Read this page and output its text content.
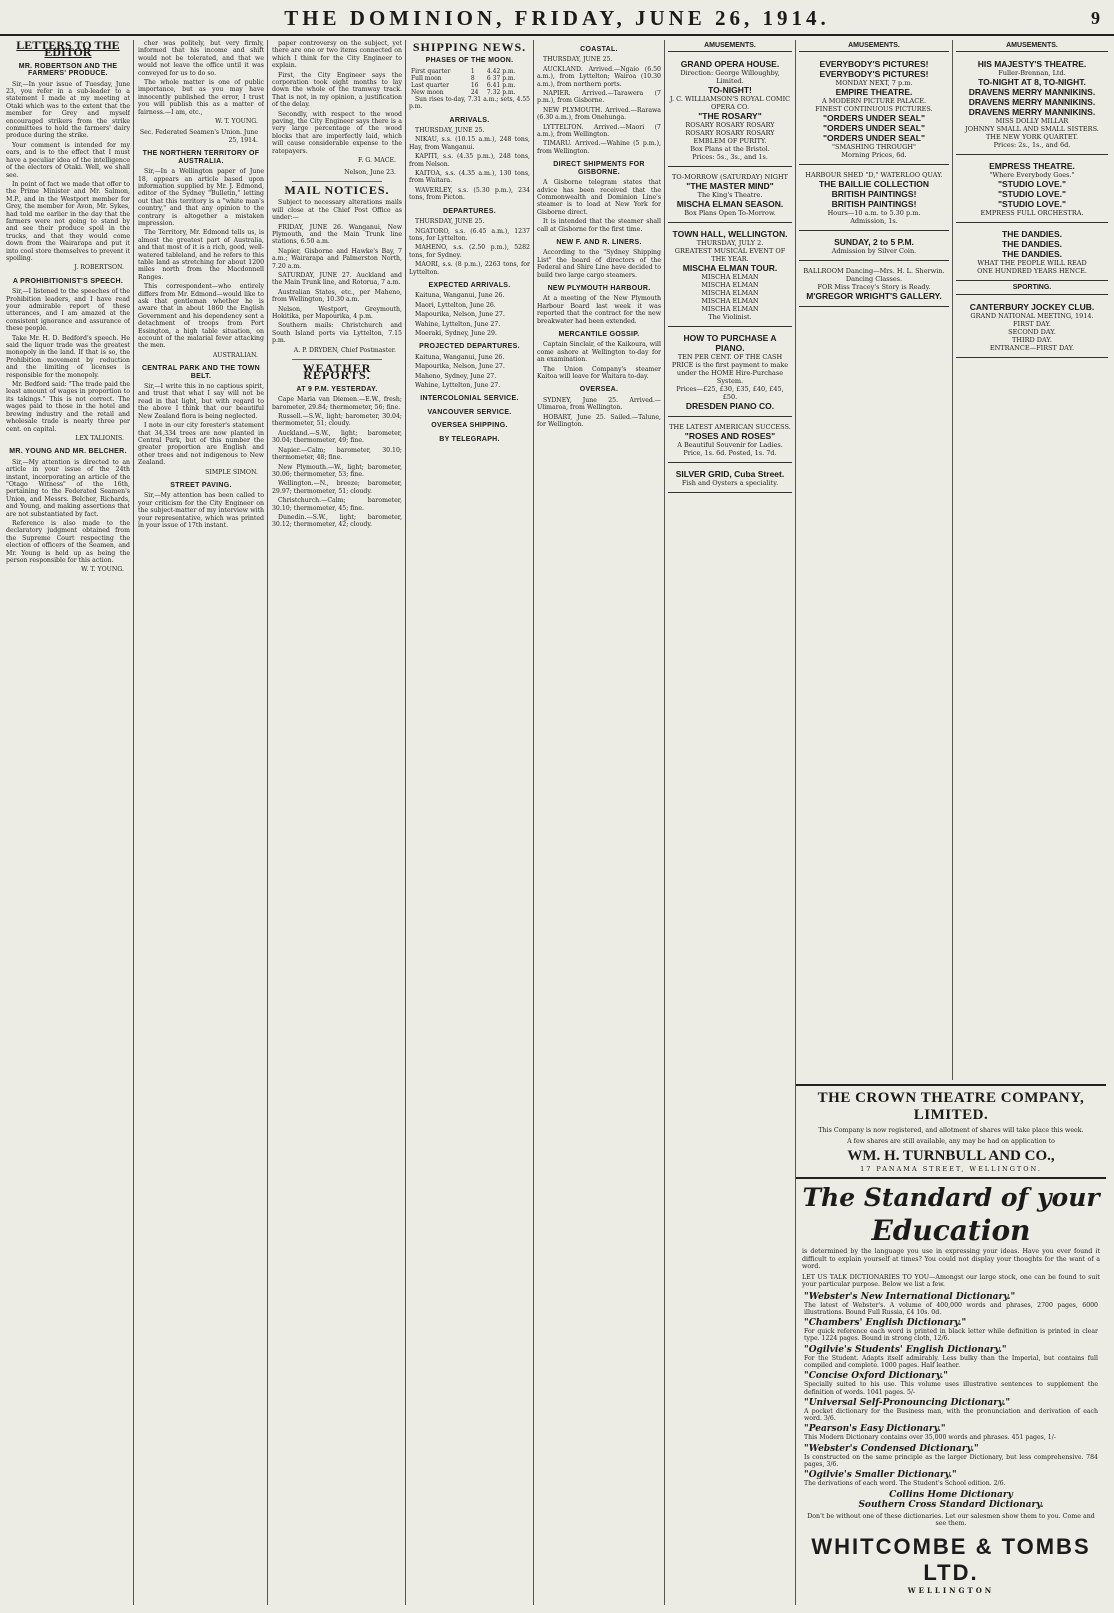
THE DOMINION, FRIDAY, JUNE 26, 1914.	9
LETTERS TO THE EDITOR
MR. ROBERTSON AND THE FARMERS' PRODUCE.

Sir,—In your issue of Tuesday, June 23, you refer in a sub-leader to a statement I made at my meeting at Otaki which was to the extent that the member for Grey and myself encouraged strikers from the strike committees to hold the farmers' dairy produce during the strike.

Your comment is intended for my ears, and is to the effect that I must have a peculiar idea of the intelligence of the electors of Otaki. Well, we shall see.

In point of fact we made that offer to the Prime Minister and Mr. Salmon, M.P., and in the Westport member for Grey, the member for Avon, Mr. Sykes, had told me earlier in the day that the farmers were not going to stand by and see their produce spoil in the trucks, and that they would come down from the Wairarapa and put it into cool store themselves to prevent it spoiling.

J. ROBERTSON.
A PROHIBITIONIST'S SPEECH.

Sir,—I listened to the speeches of the Prohibition leaders, and I have read your admirable report of these utterances, and I am amazed at the consistent ignorance and assurance of these people.

Take Mr. H. D. Bedford's speech. He said the liquor trade was the greatest monopoly in the land. If that is so, the Prohibition movement by reduction and the limiting of licenses is responsible for the monopoly.

Mr. Bedford said: "The trade paid the least amount of wages in proportion to its takings." This is not correct. The wages paid to those in the hotel and brewing industry and the retail and wholesale trade is nearly three per cent. on capital.

LEX TALIONIS.
MR. YOUNG AND MR. BELCHER.

Sir,—My attention is directed to an article in your issue of the 24th instant, incorporating an article of the "Otago Witness" of the 16th, pertaining to the Federated Seamen's Union, and Messrs. Belcher, Richards, and Young, and making assertions that are not substantiated by fact.

Reference is also made to the declaratory judgment obtained from the Supreme Court respecting the election of officers of the Seamen, and Mr. Young is held up as being the person responsible for this action.

W. T. YOUNG.

cher was politely, but very firmly, informed that his income and shift would not be tolerated, and that we would not leave the office until it was conveyed for us to do so.

The whole matter is one of public importance, but as you may have innocently published the error, I trust you will publish this as a matter of fairness.—I am, etc.,

W. T. YOUNG.
Sec. Federated Seamen's Union. June 25, 1914.
THE NORTHERN TERRITORY OF AUSTRALIA.

Sir,—In a Wellington paper of June 18, appears an article based upon information supplied by Mr. J. Edmond, editor of the Sydney "Bulletin," letting out that this territory is a "white man's country," and that any opinion to the contrary is altogether a mistaken impression.

The Territory, Mr. Edmond tells us, is almost the greatest part of Australia, and that most of it is a rich, good, well-watered tableland, and he refers to this table land as stretching for about 1200 miles north from the Macdonnell Ranges.

This correspondent—who entirely differs from Mr. Edmond—would like to ask that gentleman whether he is aware that in about 1860 the English Government and his dependency sent a detachment of troops from Port Essington, a high table situation, on account of the malarial fever attacking the men.

AUSTRALIAN.
CENTRAL PARK AND THE TOWN BELT.

Sir,—I write this in no captious spirit, and trust that what I say will not be read in that light, but with regard to the above I think that our beautiful New Zealand flora is being neglected.

I note in our city forester's statement that 34,334 trees are now planted in Central Park, but of this number the greater proportion are English and other trees and not indigenous to New Zealand.

SIMPLE SIMON.
STREET PAVING.

Sir,—My attention has been called to your criticism for the City Engineer on the subject-matter of my interview with your representative, which was printed in your issue of 17th instant.

paper controversy on the subject, yet there are one or two items connected on which I think for the City Engineer to explain.

First, the City Engineer says the corporation took eight months to lay down the whole of the tramway track. That is not, in my opinion, a justification of the delay.

Secondly, with respect to the wood paving, the City Engineer says there is a very large percentage of the wood blocks that are imperfectly laid, which will cause considerable expense to the ratepayers.

F. G. MACE.
Nelson, June 23.
MAIL NOTICES.

Subject to necessary alterations mails will close at the Chief Post Office as under:—

FRIDAY, JUNE 26. Wanganui, New Plymouth, and the Main Trunk line stations, 6.50 a.m.

Napier, Gisborne and Hawke's Bay, 7 a.m.; Wairarapa and Palmerston North, 7.20 a.m.

SATURDAY, JUNE 27. Auckland and the Main Trunk line, and Rotorua, 7 a.m.

Australian States, etc., per Maheno, from Wellington, 10.30 a.m.

Nelson, Westport, Greymouth, Hokitika, per Mapourika, 4 p.m.

Southern mails: Christchurch and South Island ports via Lyttelton, 7.15 p.m.

A. P. DRYDEN, Chief Postmaster.
WEATHER REPORTS.
AT 9 P.M. YESTERDAY.

Cape Maria van Diemen.—E.W., fresh; barometer, 29.84; thermometer, 56; fine.

Russell.—S.W., light; barometer, 30.04; thermometer, 51; cloudy.

Auckland.—S.W., light; barometer, 30.04; thermometer, 49; fine.

Napier.—Calm; barometer, 30.10; thermometer, 48; fine.

New Plymouth.—W., light; barometer, 30.06; thermometer, 53; fine.

Wellington.—N., breeze; barometer, 29.97; thermometer, 51; cloudy.

Christchurch.—Calm; barometer, 30.10; thermometer, 45; fine.

Dunedin.—S.W., light; barometer, 30.12; thermometer, 42; cloudy.

SHIPPING NEWS.
PHASES OF THE MOON.
First quarter	1	4.42 p.m.
Full moon	8	6 37 p.m.
Last quarter	16	6.41 p.m.
New moon	24	7.32 p.m.

Sun rises to-day, 7.31 a.m.; sets, 4.55 p.m.

ARRIVALS.

THURSDAY, JUNE 25.

NIKAU, s.s. (10.15 a.m.), 248 tons, Hay, from Wanganui.

KAPITI, s.s. (4.35 p.m.), 248 tons, from Nelson.

KAITOA, s.s. (4.35 a.m.), 130 tons, from Waitara.

WAVERLEY, s.s. (5.30 p.m.), 234 tons, from Picton.

DEPARTURES.

THURSDAY, JUNE 25.

NGATORO, s.s. (6.45 a.m.), 1237 tons, for Lyttelton.

MAHENO, s.s. (2.50 p.m.), 5282 tons, for Sydney.

MAORI, s.s. (8 p.m.), 2263 tons, for Lyttelton.

EXPECTED ARRIVALS.

Kaituna, Wanganui, June 26.

Maori, Lyttelton, June 26.

Mapourika, Nelson, June 27.

Wahine, Lyttelton, June 27.

Moeraki, Sydney, June 29.

PROJECTED DEPARTURES.

Kaituna, Wanganui, June 26.

Mapourika, Nelson, June 27.

Maheno, Sydney, June 27.

Wahine, Lyttelton, June 27.

INTERCOLONIAL SERVICE.
VANCOUVER SERVICE.
OVERSEA SHIPPING.
BY TELEGRAPH.
COASTAL.

THURSDAY, JUNE 25.

AUCKLAND. Arrived.—Ngaio (6.50 a.m.), from Lyttelton; Wairoa (10.30 a.m.), from northern ports.

NAPIER. Arrived.—Tarawera (7 p.m.), from Gisborne.

NEW PLYMOUTH. Arrived.—Rarawa (6.30 a.m.), from Onehunga.

LYTTELTON. Arrived.—Maori (7 a.m.), from Wellington.

TIMARU. Arrived.—Wahine (5 p.m.), from Wellington.

DIRECT SHIPMENTS FOR GISBORNE.

A Gisborne telegram states that advice has been received that the Commonwealth and Dominion Line's steamer is to load at New York for Gisborne direct.

It is intended that the steamer shall call at Gisborne for the first time.

NEW F. AND R. LINERS.

According to the "Sydney Shipping List" the board of directors of the Federal and Shire Line have decided to build two large cargo steamers.

NEW PLYMOUTH HARBOUR.

At a meeting of the New Plymouth Harbour Board last week it was reported that the contract for the new breakwater had been extended.

MERCANTILE GOSSIP.

Captain Sinclair, of the Kaikoura, will come ashore at Wellington to-day for an examination.

The Union Company's steamer Kaitoa will leave for Waitara to-day.

OVERSEA.

SYDNEY, June 25. Arrived.—Ulimaroa, from Wellington.

HOBART, June 25. Sailed.—Talune, for Wellington.

AMUSEMENTS.
GRAND OPERA HOUSE.
Direction: George Willoughby, Limited.
TO-NIGHT!
J. C. WILLIAMSON'S ROYAL COMIC OPERA CO.
"THE ROSARY"
ROSARY ROSARY ROSARY
ROSARY ROSARY ROSARY
EMBLEM OF PURITY.
Box Plans at the Bristol.
Prices: 5s., 3s., and 1s.
TO-MORROW (SATURDAY) NIGHT
"THE MASTER MIND"
The King's Theatre.
MISCHA ELMAN SEASON.
Box Plans Open To-Morrow.
TOWN HALL, WELLINGTON.
THURSDAY, JULY 2.
GREATEST MUSICAL EVENT OF THE YEAR.
MISCHA ELMAN TOUR.
MISCHA ELMAN
MISCHA ELMAN
MISCHA ELMAN
MISCHA ELMAN
MISCHA ELMAN
The Violinist.
HOW TO PURCHASE A PIANO.
TEN PER CENT. OF THE CASH PRICE is the first payment to make under the HOME Hire-Purchase System.
Prices—£25, £30, £35, £40, £45, £50.
DRESDEN PIANO CO.
THE LATEST AMERICAN SUCCESS.
"ROSES AND ROSES"
A Beautiful Souvenir for Ladies.
Price, 1s. 6d. Posted, 1s. 7d.
SILVER GRID, Cuba Street.
Fish and Oysters a speciality.
AMUSEMENTS.
EVERYBODY'S PICTURES!
EVERYBODY'S PICTURES!
MONDAY NEXT, 7 p.m.
EMPIRE THEATRE.
A MODERN PICTURE PALACE.
FINEST CONTINUOUS PICTURES.
"ORDERS UNDER SEAL"
"ORDERS UNDER SEAL"
"ORDERS UNDER SEAL"
"SMASHING THROUGH"
Morning Prices, 6d.
HARBOUR SHED "D," WATERLOO QUAY.
THE BAILLIE COLLECTION
BRITISH PAINTINGS!
BRITISH PAINTINGS!
Hours—10 a.m. to 5.30 p.m.
Admission, 1s.
SUNDAY, 2 to 5 P.M.
Admission by Silver Coin.
BALLROOM Dancing—Mrs. H. L. Sherwin. Dancing Classes.
FOR Miss Tracey's Story is Ready.
M'GREGOR WRIGHT'S GALLERY.
AMUSEMENTS.
HIS MAJESTY'S THEATRE.
Fuller-Brennan, Ltd.
TO-NIGHT AT 8, TO-NIGHT.
DRAVENS MERRY MANNIKINS.
DRAVENS MERRY MANNIKINS.
DRAVENS MERRY MANNIKINS.
MISS DOLLY MILLAR
JOHNNY SMALL AND SMALL SISTERS.
THE NEW YORK QUARTET.
Prices: 2s., 1s., and 6d.
EMPRESS THEATRE.
"Where Everybody Goes."
"STUDIO LOVE."
"STUDIO LOVE."
"STUDIO LOVE."
EMPRESS FULL ORCHESTRA.
THE DANDIES.
THE DANDIES.
THE DANDIES.
WHAT THE PEOPLE WILL READ
ONE HUNDRED YEARS HENCE.
SPORTING.
CANTERBURY JOCKEY CLUB.
GRAND NATIONAL MEETING, 1914.
FIRST DAY.
SECOND DAY.
THIRD DAY.
ENTRANCE—FIRST DAY.
THE CROWN THEATRE COMPANY, LIMITED.
This Company is now registered, and allotment of shares will take place this week.
A few shares are still available, any may be had on application to
WM. H. TURNBULL AND CO.,
17 PANAMA STREET, WELLINGTON.
The Standard of your
Education
is determined by the language you use in expressing your ideas. Have you ever found it difficult to explain yourself at times? You could not display your thoughts for the want of a word.
LET US TALK DICTIONARIES TO YOU—Amongst our large stock, one can be found to suit your particular purpose. Below we list a few.
"Webster's New International Dictionary."
The latest of Webster's. A volume of 400,000 words and phrases, 2700 pages, 6000 illustrations. Bound Full Russia, £4 10s. 0d.
"Chambers' English Dictionary."
For quick reference each word is printed in black letter while definition is printed in clear type. 1224 pages. Bound in strong cloth, 12/6.
"Ogilvie's Students' English Dictionary."
For the Student. Adapts itself admirably. Less bulky than the Imperial, but contains full compiled and complete. 1000 pages. Half leather.
"Concise Oxford Dictionary."
Specially suited to his use. This volume uses illustrative sentences to supplement the definition of words. 1041 pages. 5/-
"Universal Self-Pronouncing Dictionary."
A pocket dictionary for the Business man, with the pronunciation and derivation of each word. 3/6.
"Pearson's Easy Dictionary."
This Modern Dictionary contains over 35,000 words and phrases. 451 pages, 1/-
"Webster's Condensed Dictionary."
Is constructed on the same principle as the larger Dictionary, but less comprehensive. 784 pages, 3/6.
"Ogilvie's Smaller Dictionary."
The derivations of each word. The Student's School edition. 2/6.
Collins Home Dictionary
Southern Cross Standard Dictionary.
Don't be without one of these dictionaries. Let our salesmen show them to you. Come and see them.
WHITCOMBE & TOMBS LTD.
WELLINGTON
